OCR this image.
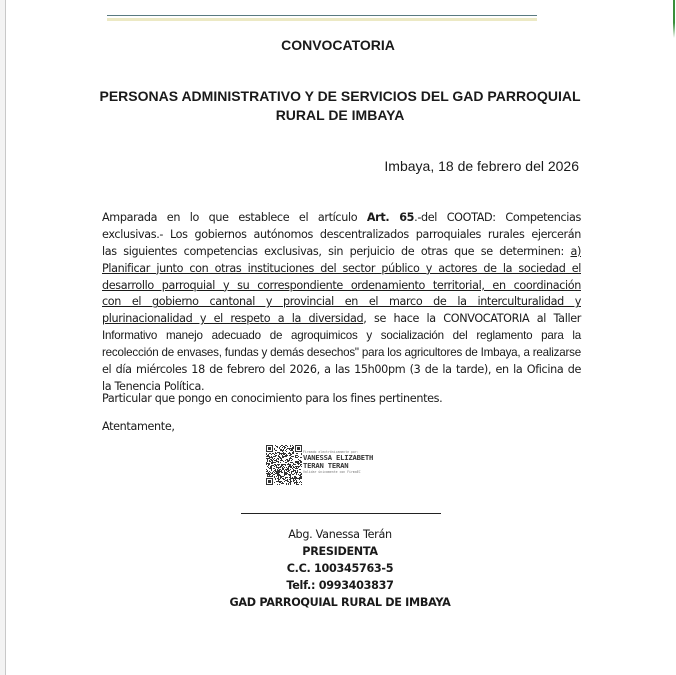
CONVOCATORIA
PERSONAS ADMINISTRATIVO Y DE SERVICIOS DEL GAD PARROQUIAL
RURAL DE IMBAYA
Imbaya, 18 de febrero del 2026
Amparada en lo que establece el artículo Art. 65.-del COOTAD: Competencias
exclusivas.- Los gobiernos autónomos descentralizados parroquiales rurales ejercerán
las siguientes competencias exclusivas, sin perjuicio de otras que se determinen: a)
Planificar junto con otras instituciones del sector público y actores de la sociedad el
desarrollo parroquial y su correspondiente ordenamiento territorial, en coordinación
con el gobierno cantonal y provincial en el marco de la interculturalidad y
plurinacionalidad y el respeto a la diversidad, se hace la CONVOCATORIA al Taller
Informativo manejo adecuado de agroquimicos y socialización del reglamento para la
recolección de envases, fundas y demás desechos" para los agricultores de Imbaya, a realizarse
el día miércoles 18 de febrero del 2026, a las 15h00pm (3 de la tarde), en la Oficina de
la Tenencia Política.
Particular que pongo en conocimiento para los fines pertinentes.
Atentamente,
Firmado electrónicamente por:
VANESSA ELIZABETH
TERAN TERAN
Validar únicamente con FirmaEC
Abg. Vanessa Terán
PRESIDENTA
C.C. 100345763-5
Telf.: 0993403837
GAD PARROQUIAL RURAL DE IMBAYA
